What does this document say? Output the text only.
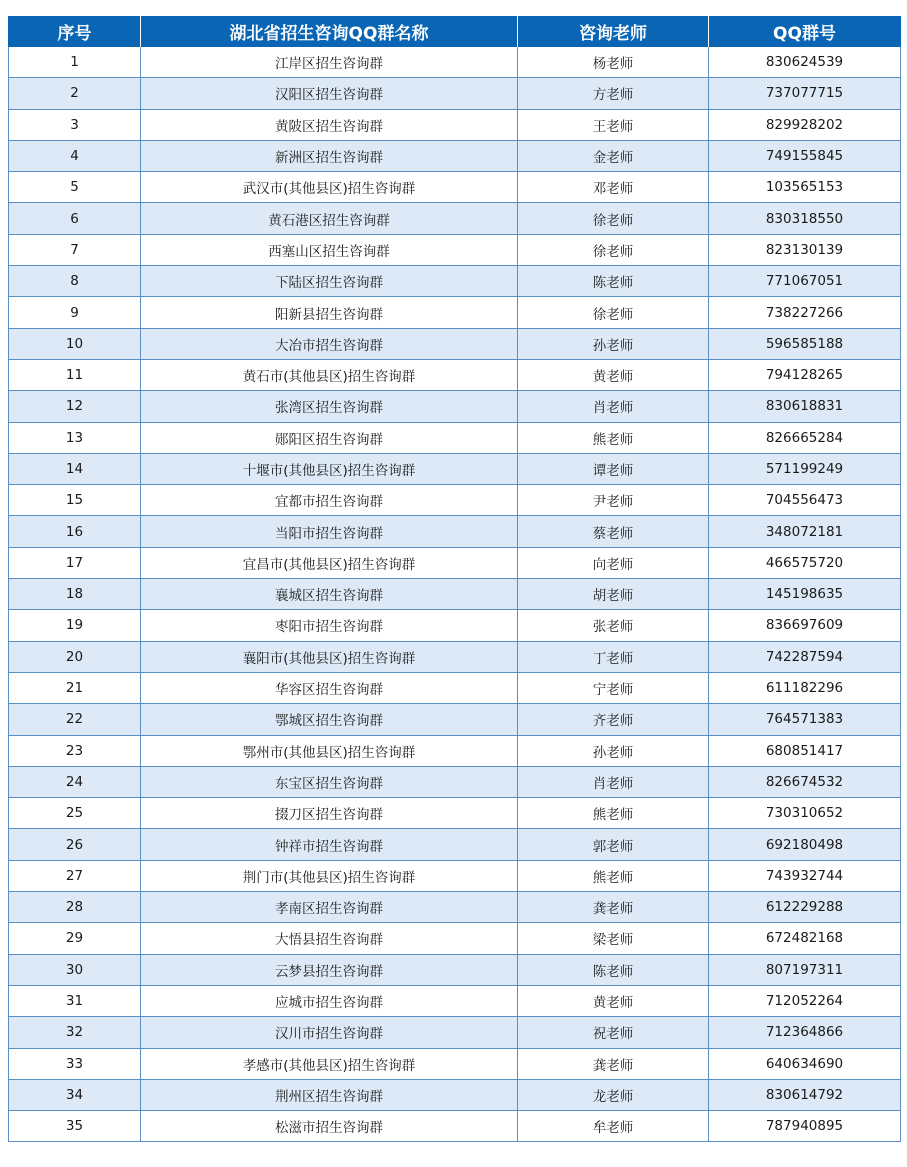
序号	湖北省招生咨询QQ群名称	咨询老师	QQ群号
1	江岸区招生咨询群	杨老师	830624539
2	汉阳区招生咨询群	方老师	737077715
3	黄陂区招生咨询群	王老师	829928202
4	新洲区招生咨询群	金老师	749155845
5	武汉市(其他县区)招生咨询群	邓老师	103565153
6	黄石港区招生咨询群	徐老师	830318550
7	西塞山区招生咨询群	徐老师	823130139
8	下陆区招生咨询群	陈老师	771067051
9	阳新县招生咨询群	徐老师	738227266
10	大冶市招生咨询群	孙老师	596585188
11	黄石市(其他县区)招生咨询群	黄老师	794128265
12	张湾区招生咨询群	肖老师	830618831
13	郧阳区招生咨询群	熊老师	826665284
14	十堰市(其他县区)招生咨询群	谭老师	571199249
15	宜都市招生咨询群	尹老师	704556473
16	当阳市招生咨询群	蔡老师	348072181
17	宜昌市(其他县区)招生咨询群	向老师	466575720
18	襄城区招生咨询群	胡老师	145198635
19	枣阳市招生咨询群	张老师	836697609
20	襄阳市(其他县区)招生咨询群	丁老师	742287594
21	华容区招生咨询群	宁老师	611182296
22	鄂城区招生咨询群	齐老师	764571383
23	鄂州市(其他县区)招生咨询群	孙老师	680851417
24	东宝区招生咨询群	肖老师	826674532
25	掇刀区招生咨询群	熊老师	730310652
26	钟祥市招生咨询群	郭老师	692180498
27	荆门市(其他县区)招生咨询群	熊老师	743932744
28	孝南区招生咨询群	龚老师	612229288
29	大悟县招生咨询群	梁老师	672482168
30	云梦县招生咨询群	陈老师	807197311
31	应城市招生咨询群	黄老师	712052264
32	汉川市招生咨询群	祝老师	712364866
33	孝感市(其他县区)招生咨询群	龚老师	640634690
34	荆州区招生咨询群	龙老师	830614792
35	松滋市招生咨询群	牟老师	787940895
